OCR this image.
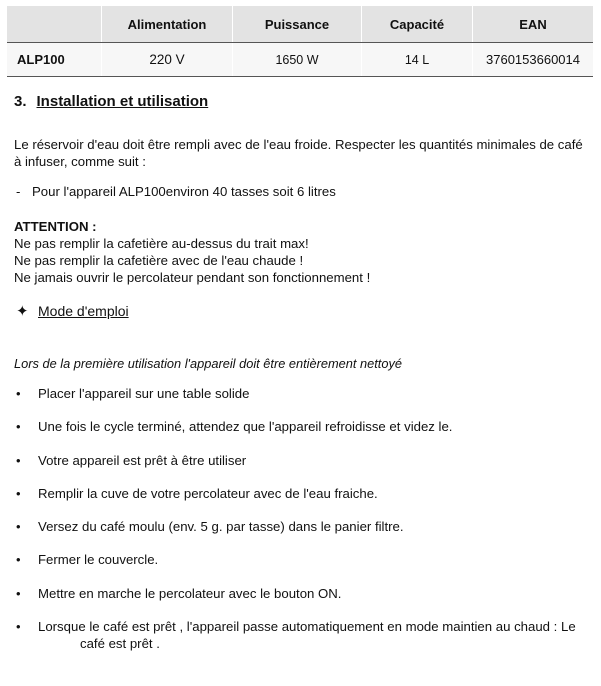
	Alimentation	Puissance	Capacité	EAN
ALP100	220 V	1650 W	14 L	3760153660014
3. Installation et utilisation

Le réservoir d'eau doit être rempli avec de l'eau froide. Respecter les quantités minimales de café à infuser, comme suit :

- Pour l'appareil ALP100environ 40 tasses soit 6 litres

ATTENTION :

Ne pas remplir la cafetière au-dessus du trait max!
Ne pas remplir la cafetière avec de l'eau chaude !
Ne jamais ouvrir le percolateur pendant son fonctionnement !
✦ Mode d'emploi

Lors de la première utilisation l'appareil doit être entièrement nettoyé

• Placer l'appareil sur une table solide
• Une fois le cycle terminé, attendez que l'appareil refroidisse et videz le.
• Votre appareil est prêt à être utiliser
• Remplir la cuve de votre percolateur avec de l'eau fraiche.
• Versez du café moulu (env. 5 g. par tasse) dans le panier filtre.
• Fermer le couvercle.
• Mettre en marche le percolateur avec le bouton ON.
• Lorsque le café est prêt , l'appareil passe automatiquement en mode maintien au chaud : Le
café est prêt .
